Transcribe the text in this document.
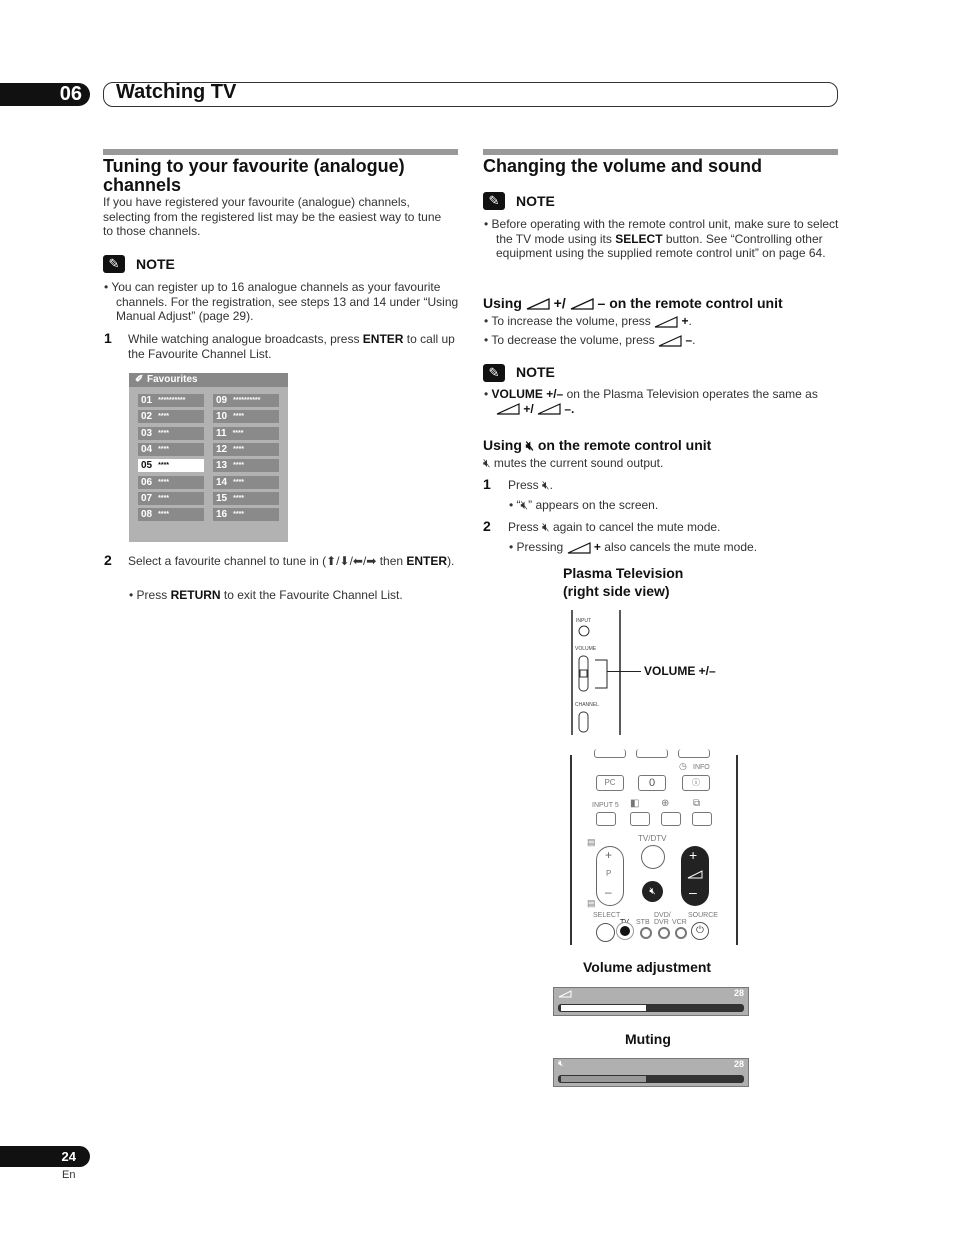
06	Watching TV
Tuning to your favourite (analogue) channels
If you have registered your favourite (analogue) channels, selecting from the registered list may be the easiest way to tune to those channels.
✎	NOTE
• You can register up to 16 analogue channels as your favourite channels. For the registration, see steps 13 and 14 under “Using Manual Adjust” (page 29).
1 While watching analogue broadcasts, press ENTER to call up the Favourite Channel List.
✐ Favourites
01 **********
02 ****
03 ****
04 ****
05 ****
06 ****
07 ****
08 ****
09 **********
10 ****
11 ****
12 ****
13 ****
14 ****
15 ****
16 ****
2 Select a favourite channel to tune in (⬆/⬇/⬅/➡ then ENTER).
• Press RETURN to exit the Favourite Channel List.
Changing the volume and sound
✎	NOTE
• Before operating with the remote control unit, make sure to select the TV mode using its SELECT button. See “Controlling other equipment using the supplied remote control unit” on page 64.
Using +/ – on the remote control unit
• To increase the volume, press	+.
• To decrease the volume, press	–.
✎	NOTE
• VOLUME +/– on the Plasma Television operates the same as
+/	–.
Using 🔇︎ on the remote control unit
🔇︎ mutes the current sound output.
1 Press 🔇︎.
• “🔇︎” appears on the screen.
2 Press 🔇︎ again to cancel the mute mode.
• Pressing	+ also cancels the mute mode.
Plasma Television
(right side view)
INPUT
VOLUME
CHANNEL
VOLUME +/–
◷ INFO
PC	0	ⓘ
INPUT 5 ◧ ⊕ ⧉
▤	TV/DTV
+
P
–	🔇︎
+
–
▤
SELECT
TV STB
DVD/
DVR VCR
SOURCE
⏻
Volume adjustment
28
Muting
🔇︎	28
24
En
